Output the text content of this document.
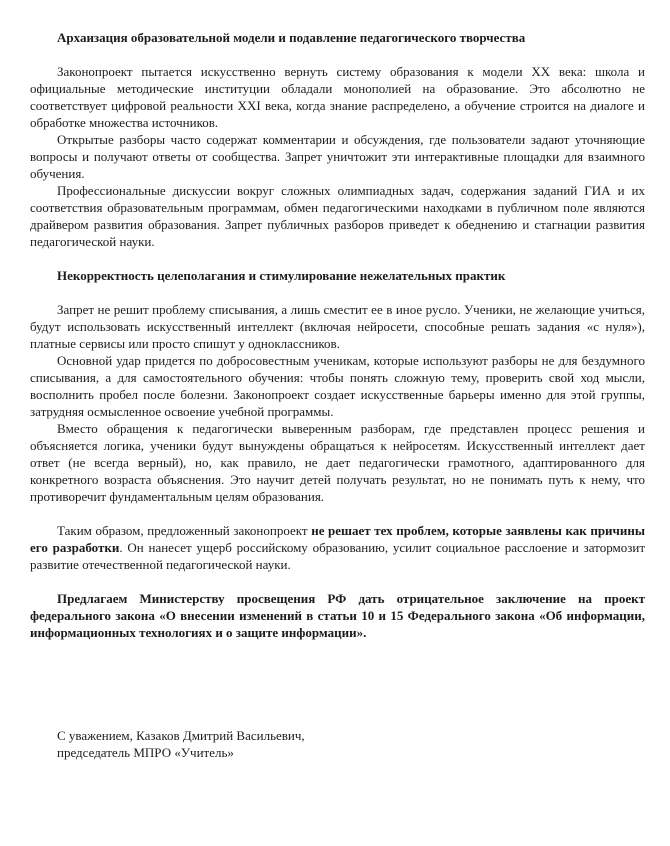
Архаизация образовательной модели и подавление педагогического творчества

Законопроект пытается искусственно вернуть систему образования к модели XX века: школа и официальные методические институции обладали монополией на образование. Это абсолютно не соответствует цифровой реальности XXI века, когда знание распределено, а обучение строится на диалоге и обработке множества источников.

Открытые разборы часто содержат комментарии и обсуждения, где пользователи задают уточняющие вопросы и получают ответы от сообщества. Запрет уничтожит эти интерактивные площадки для взаимного обучения.

Профессиональные дискуссии вокруг сложных олимпиадных задач, содержания заданий ГИА и их соответствия образовательным программам, обмен педагогическими находками в публичном поле являются драйвером развития образования. Запрет публичных разборов приведет к обеднению и стагнации развития педагогической науки.

Некорректность целеполагания и стимулирование нежелательных практик

Запрет не решит проблему списывания, а лишь сместит ее в иное русло. Ученики, не желающие учиться, будут использовать искусственный интеллект (включая нейросети, способные решать задания «с нуля»), платные сервисы или просто спишут у одноклассников.

Основной удар придется по добросовестным ученикам, которые используют разборы не для бездумного списывания, а для самостоятельного обучения: чтобы понять сложную тему, проверить свой ход мысли, восполнить пробел после болезни. Законопроект создает искусственные барьеры именно для этой группы, затрудняя осмысленное освоение учебной программы.

Вместо обращения к педагогически выверенным разборам, где представлен процесс решения и объясняется логика, ученики будут вынуждены обращаться к нейросетям. Искусственный интеллект дает ответ (не всегда верный), но, как правило, не дает педагогически грамотного, адаптированного для конкретного возраста объяснения. Это научит детей получать результат, но не понимать путь к нему, что противоречит фундаментальным целям образования.

Таким образом, предложенный законопроект не решает тех проблем, которые заявлены как причины его разработки. Он нанесет ущерб российскому образованию, усилит социальное расслоение и затормозит развитие отечественной педагогической науки.

Предлагаем Министерству просвещения РФ дать отрицательное заключение на проект федерального закона «О внесении изменений в статьи 10 и 15 Федерального закона «Об информации, информационных технологиях и о защите информации».

С уважением, Казаков Дмитрий Васильевич,
председатель МПРО «Учитель»
